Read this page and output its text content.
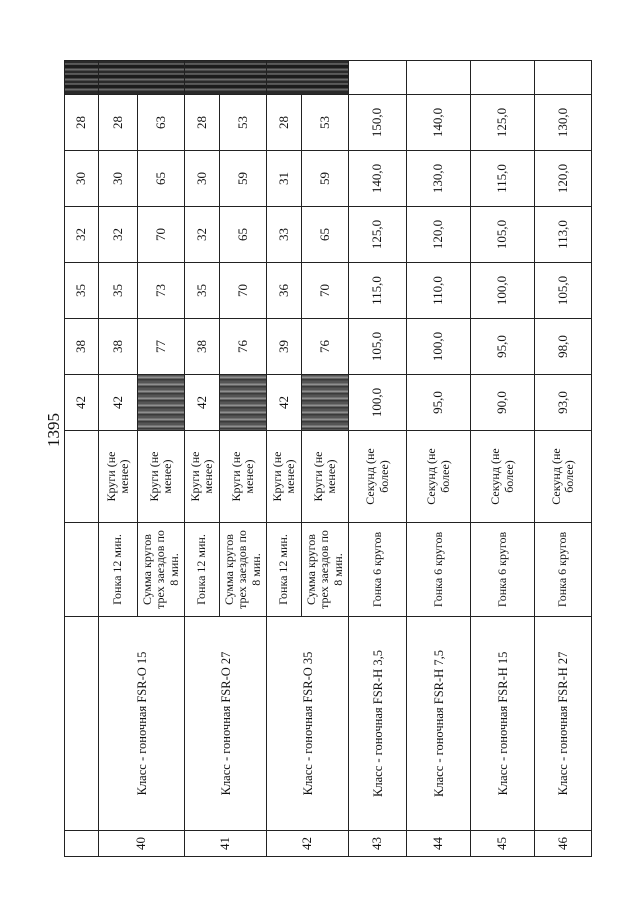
1395
				42	38	35	32	30	28	
40	Класс - гоночная FSR-O 15	Гонка 12 мин.	Круги (не менее)	42	38	35	32	30	28	
		Сумма кругов трех заездов по 8 мин.	Круги (не менее)		77	73	70	65	63	
41	Класс - гоночная FSR-O 27	Гонка 12 мин.	Круги (не менее)	42	38	35	32	30	28	
		Сумма кругов трех заездов по 8 мин.	Круги (не менее)		76	70	65	59	53	
42	Класс - гоночная FSR-O 35	Гонка 12 мин.	Круги (не менее)	42	39	36	33	31	28	
		Сумма кругов трех заездов по 8 мин.	Круги (не менее)		76	70	65	59	53	
43	Класс - гоночная FSR-H 3,5	Гонка 6 кругов	Секунд (не более)	100,0	105,0	115,0	125,0	140,0	150,0	
44	Класс - гоночная FSR-H 7,5	Гонка 6 кругов	Секунд (не более)	95,0	100,0	110,0	120,0	130,0	140,0	
45	Класс - гоночная FSR-H 15	Гонка 6 кругов	Секунд (не более)	90,0	95,0	100,0	105,0	115,0	125,0	
46	Класс - гоночная FSR-H 27	Гонка 6 кругов	Секунд (не более)	93,0	98,0	105,0	113,0	120,0	130,0	
